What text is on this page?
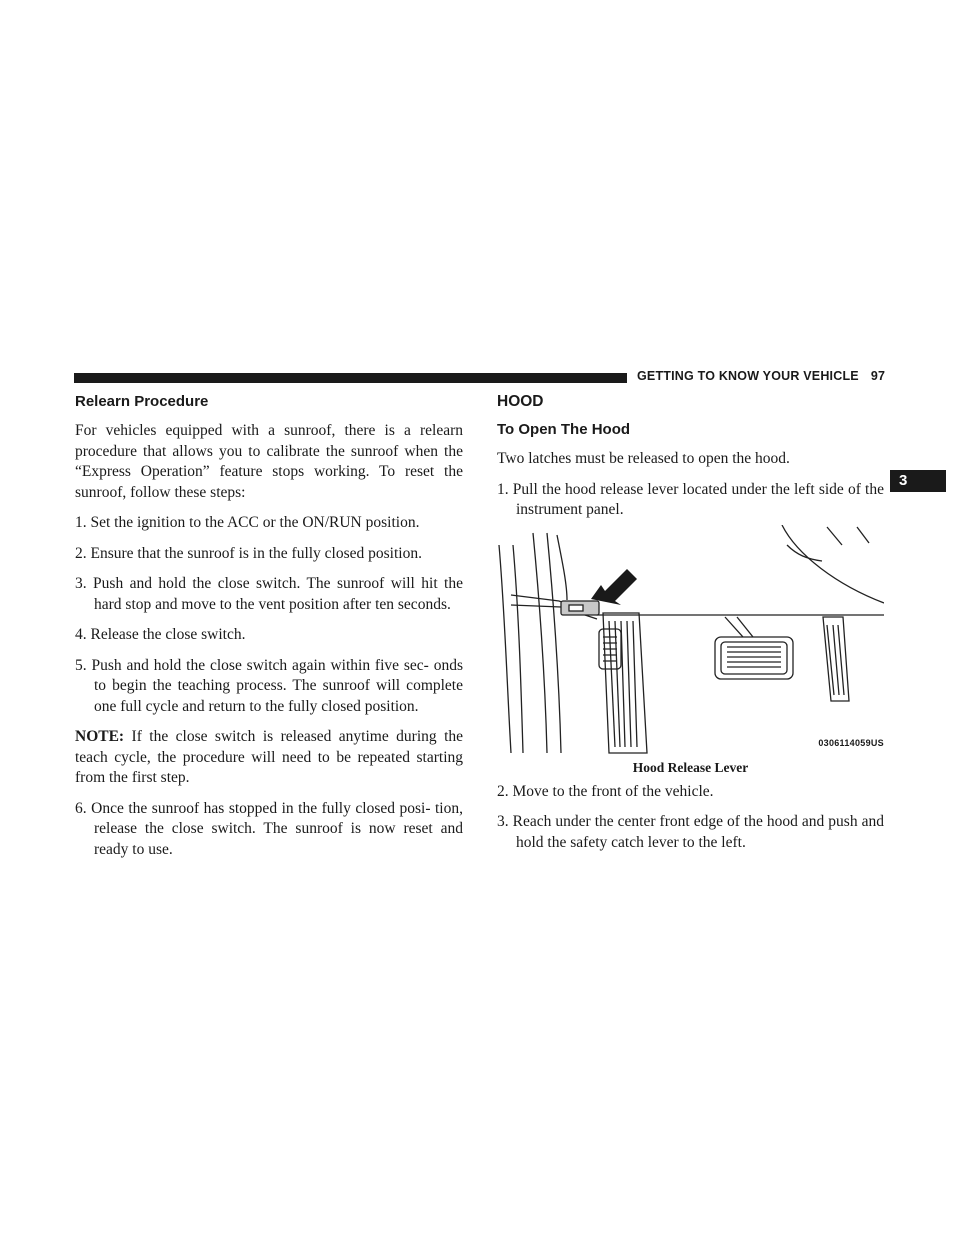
GETTING TO KNOW YOUR VEHICLE 97
3
Relearn Procedure

For vehicles equipped with a sunroof, there is a relearn procedure that allows you to calibrate the sunroof when the “Express Operation” feature stops working. To reset the sunroof, follow these steps:

1. Set the ignition to the ACC or the ON/RUN position.

2. Ensure that the sunroof is in the fully closed position.

3. Push and hold the close switch. The sunroof will hit the hard stop and move to the vent position after ten seconds.

4. Release the close switch.

5. Push and hold the close switch again within five sec- onds to begin the teaching process. The sunroof will complete one full cycle and return to the fully closed position.

NOTE: If the close switch is released anytime during the teach cycle, the procedure will need to be repeated starting from the first step.

6. Once the sunroof has stopped in the fully closed posi- tion, release the close switch. The sunroof is now reset and ready to use.

HOOD
To Open The Hood

Two latches must be released to open the hood.

1. Pull the hood release lever located under the left side of the instrument panel.

0306114059US
Hood Release Lever

2. Move to the front of the vehicle.

3. Reach under the center front edge of the hood and push and hold the safety catch lever to the left.
